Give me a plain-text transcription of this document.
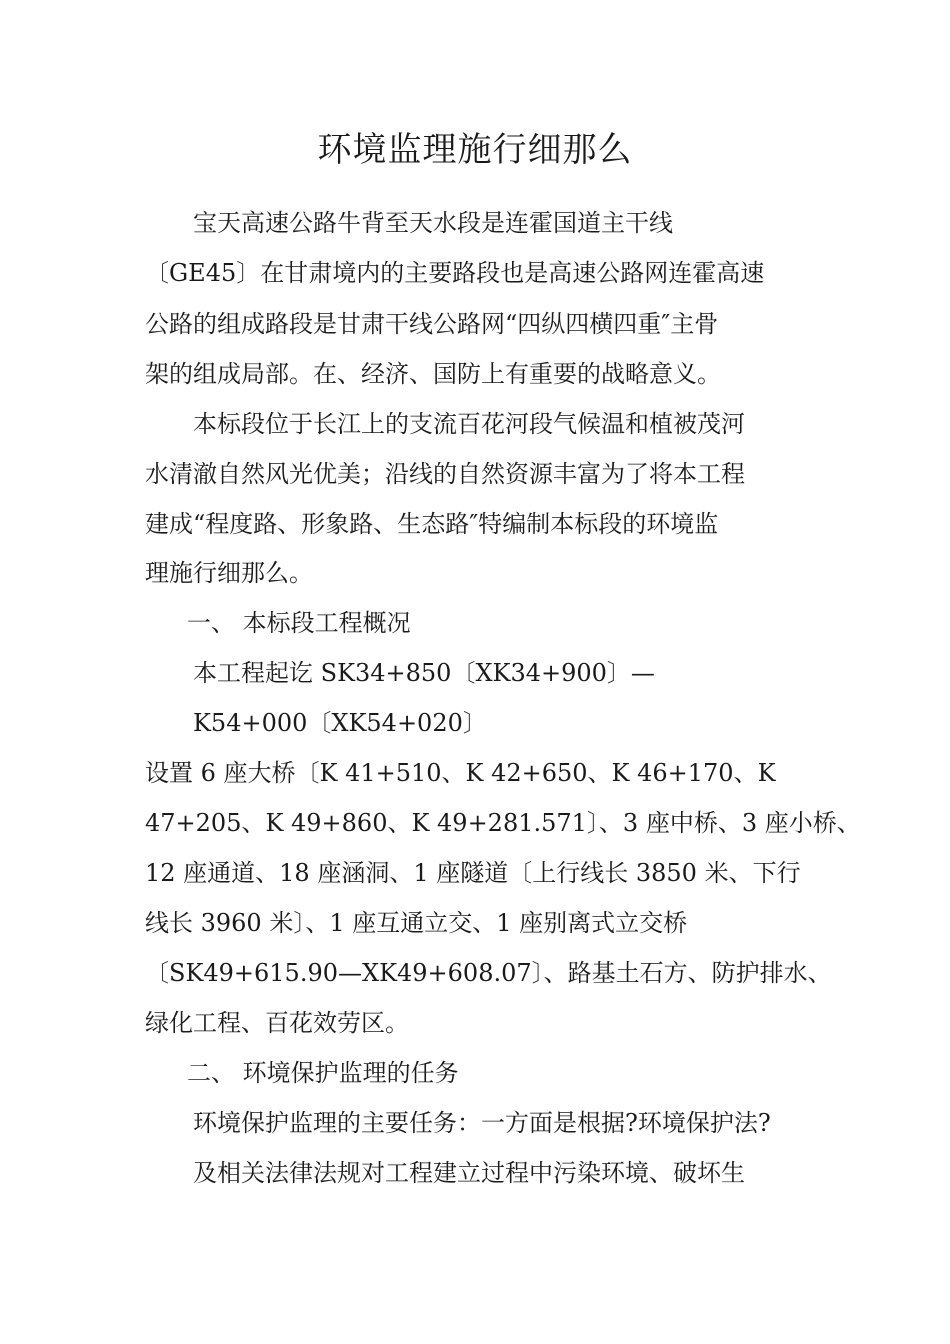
环境监理施行细那么
宝天高速公路牛背至天水段是连霍国道主干线
〔GE45〕在甘肃境内的主要路段也是高速公路网连霍高速
公路的组成路段是甘肃干线公路网“四纵四横四重″主骨
架的组成局部。在、经济、国防上有重要的战略意义。
本标段位于长江上的支流百花河段气候温和植被茂河
水清澈自然风光优美；沿线的自然资源丰富为了将本工程
建成“程度路、形象路、生态路″特编制本标段的环境监
理施行细那么。
一、 本标段工程概况
本工程起讫 SK34+850〔XK34+900〕—
K54+000〔XK54+020〕
设置 6 座大桥〔K 41+510、K 42+650、K 46+170、K
47+205、K 49+860、K 49+281.571〕、3 座中桥、3 座小桥、
12 座通道、18 座涵洞、1 座隧道〔上行线长 3850 米、下行
线长 3960 米〕、1 座互通立交、1 座别离式立交桥
〔SK49+615.90—XK49+608.07〕、路基土石方、防护排水、
绿化工程、百花效劳区。
二、 环境保护监理的任务
环境保护监理的主要任务：一方面是根据?环境保护法?
及相关法律法规对工程建立过程中污染环境、破坏生
